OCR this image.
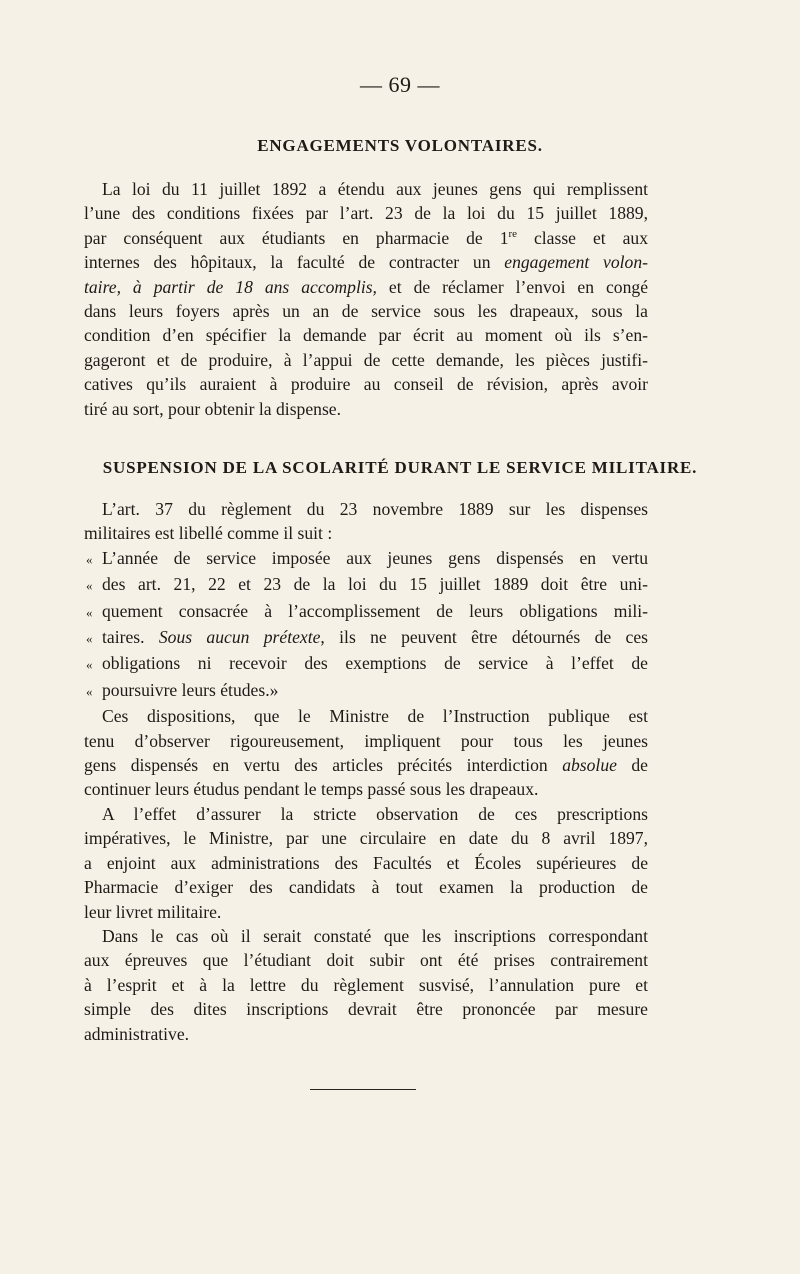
— 69 —
ENGAGEMENTS VOLONTAIRES.
La loi du 11 juillet 1892 a étendu aux jeunes gens qui remplissent
l’une des conditions fixées par l’art. 23 de la loi du 15 juillet 1889,
par conséquent aux étudiants en pharmacie de 1re classe et aux
internes des hôpitaux, la faculté de contracter un engagement volon-
taire, à partir de 18 ans accomplis, et de réclamer l’envoi en congé
dans leurs foyers après un an de service sous les drapeaux, sous la
condition d’en spécifier la demande par écrit au moment où ils s’en-
gageront et de produire, à l’appui de cette demande, les pièces justifi-
catives qu’ils auraient à produire au conseil de révision, après avoir
tiré au sort, pour obtenir la dispense.
SUSPENSION DE LA SCOLARITÉ DURANT LE SERVICE MILITAIRE.
L’art. 37 du règlement du 23 novembre 1889 sur les dispenses
militaires est libellé comme il suit :
« L’année de service imposée aux jeunes gens dispensés en vertu
« des art. 21, 22 et 23 de la loi du 15 juillet 1889 doit être uni-
« quement consacrée à l’accomplissement de leurs obligations mili-
« taires. Sous aucun prétexte, ils ne peuvent être détournés de ces
« obligations ni recevoir des exemptions de service à l’effet de
« poursuivre leurs études.»
Ces dispositions, que le Ministre de l’Instruction publique est
tenu d’observer rigoureusement, impliquent pour tous les jeunes
gens dispensés en vertu des articles précités interdiction absolue de
continuer leurs étudus pendant le temps passé sous les drapeaux.
A l’effet d’assurer la stricte observation de ces prescriptions
impératives, le Ministre, par une circulaire en date du 8 avril 1897,
a enjoint aux administrations des Facultés et Écoles supérieures de
Pharmacie d’exiger des candidats à tout examen la production de
leur livret militaire.
Dans le cas où il serait constaté que les inscriptions correspondant
aux épreuves que l’étudiant doit subir ont été prises contrairement
à l’esprit et à la lettre du règlement susvisé, l’annulation pure et
simple des dites inscriptions devrait être prononcée par mesure
administrative.
